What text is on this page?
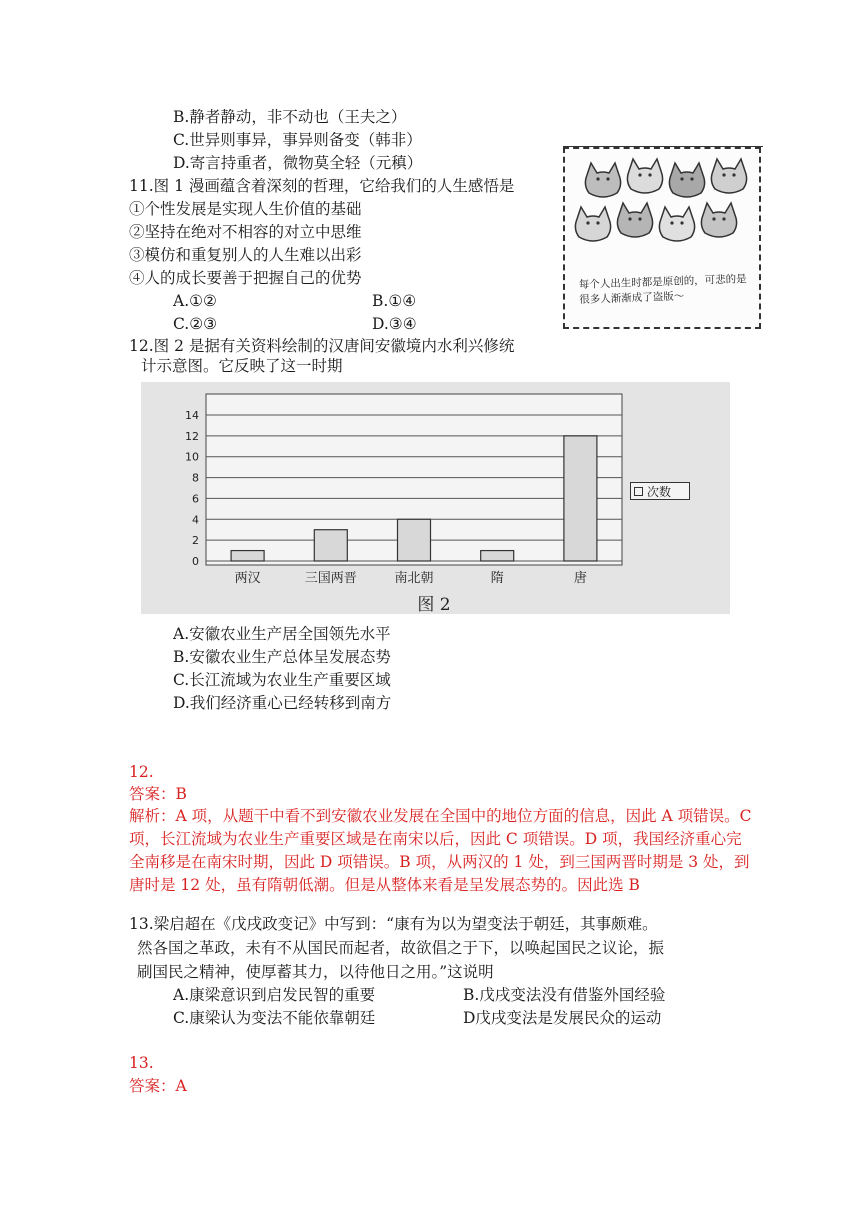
B.静者静动，非不动也（王夫之）
C.世异则事异，事异则备变（韩非）
D.寄言持重者，微物莫全轻（元稹）
11.图 1 漫画蕴含着深刻的哲理，它给我们的人生感悟是
①个性发展是实现人生价值的基础
②坚持在绝对不相容的对立中思维
③模仿和重复别人的人生难以出彩
④人的成长要善于把握自己的优势
A.①②	B.①④
C.②③	D.③④
每个人出生时都是原创的，可悲的是很多人渐渐成了盗版～
12.图 2 是据有关资料绘制的汉唐间安徽境内水利兴修统
计示意图。它反映了这一时期
0
2
4
6
8
10
12
14
两汉	三国两晋	南北朝	隋	唐
图 2
次数
A.安徽农业生产居全国领先水平
B.安徽农业生产总体呈发展态势
C.长江流域为农业生产重要区域
D.我们经济重心已经转移到南方
12.
答案：B
解析：A 项，从题干中看不到安徽农业发展在全国中的地位方面的信息，因此 A 项错误。C
项，长江流域为农业生产重要区域是在南宋以后，因此 C 项错误。D 项，我国经济重心完
全南移是在南宋时期，因此 D 项错误。B 项，从两汉的 1 处，到三国两晋时期是 3 处，到
唐时是 12 处，虽有隋朝低潮。但是从整体来看是呈发展态势的。因此选 B
13.梁启超在《戊戌政变记》中写到：“康有为以为望变法于朝廷，其事颇难。
然各国之革政，未有不从国民而起者，故欲倡之于下，以唤起国民之议论，振
刷国民之精神，使厚蓄其力，以待他日之用。”这说明
A.康梁意识到启发民智的重要	B.戊戌变法没有借鉴外国经验
C.康梁认为变法不能依靠朝廷	D戊戌变法是发展民众的运动
13.
答案：A
